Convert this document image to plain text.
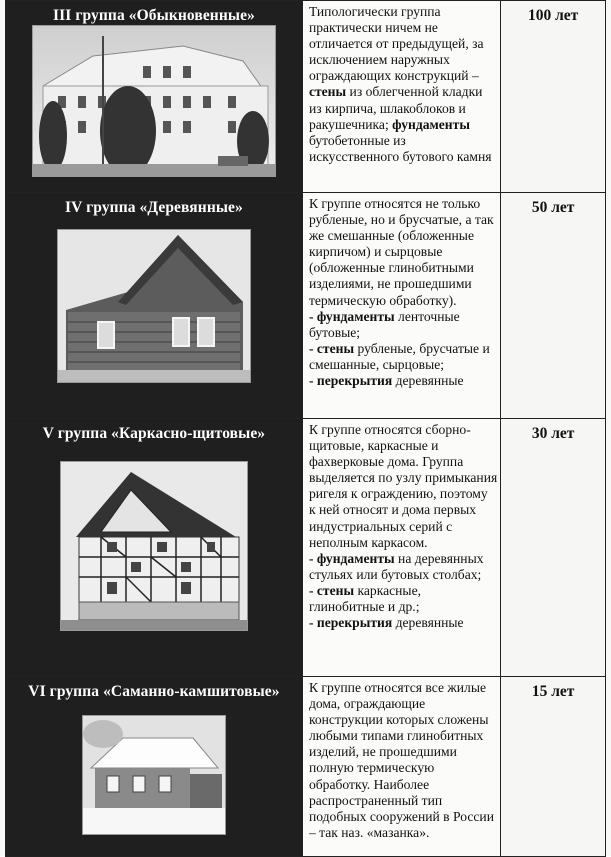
III группа «Обыкновенные»	Типологически группа практически ничем не отличается от предыдущей, за исключением наружных ограждающих конструкций – стены из облегченной кладки из кирпича, шлакоблоков и ракушечника; фундаменты бутобетонные из искусственного бутового камня	100 лет

IV группа «Деревянные»	К группе относятся не только рубленые, но и брусчатые, а так же смешанные (обложенные кирпичом) и сырцовые (обложенные глинобитными изделиями, не прошедшими термическую обработку).
- фундаменты ленточные бутовые;
- стены рубленые, брусчатые и смешанные, сырцовые;
- перекрытия деревянные	50 лет

V группа «Каркасно-щитовые»	К группе относятся сборно-щитовые, каркасные и фахверковые дома. Группа выделяется по узлу примыкания ригеля к ограждению, поэтому к ней относят и дома первых индустриальных серий с неполным каркасом.
- фундаменты на деревянных стульях или бутовых столбах;
- стены каркасные, глинобитные и др.;
- перекрытия деревянные	30 лет

VI группа «Саманно-камшитовые»	К группе относятся все жилые дома, ограждающие конструкции которых сложены любыми типами глинобитных изделий, не прошедшими полную термическую обработку. Наиболее распространенный тип подобных сооружений в России – так наз. «мазанка».	15 лет
